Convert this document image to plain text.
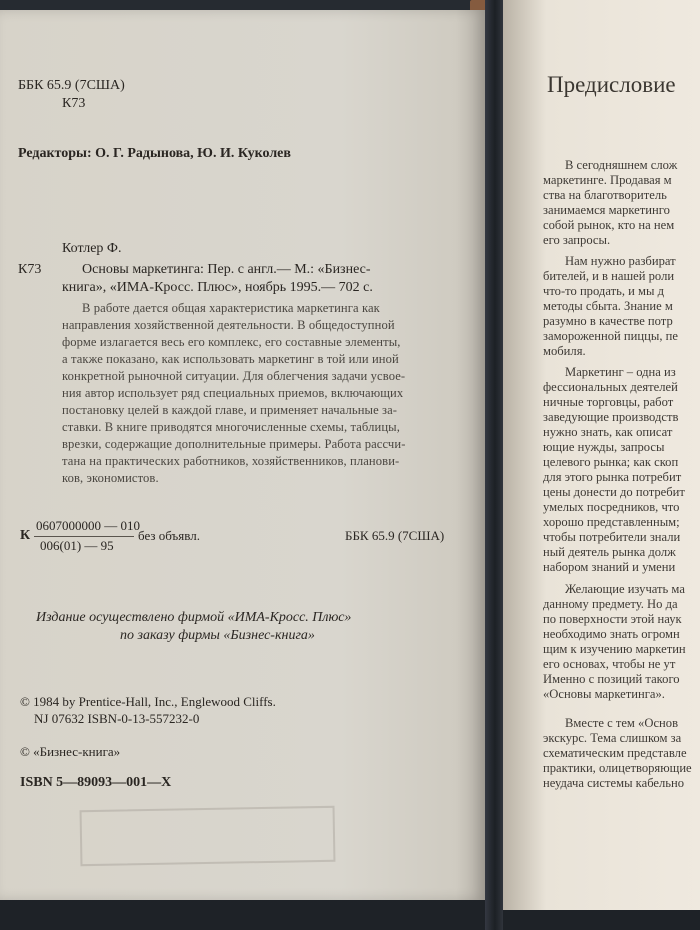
ББК 65.9 (7США)
К73
Редакторы: О. Г. Радынова, Ю. И. Куколев
Котлер Ф.
К73	Основы маркетинга: Пер. с англ.— М.: «Бизнес-
книга», «ИМА-Кросс. Плюс», ноябрь 1995.— 702 с.
В работе дается общая характеристика маркетинга как
направления хозяйственной деятельности. В общедоступной
форме излагается весь его комплекс, его составные элементы,
а также показано, как использовать маркетинг в той или иной
конкретной рыночной ситуации. Для облегчения задачи усвое-
ния автор использует ряд специальных приемов, включающих
постановку целей в каждой главе, и применяет начальные за-
ставки. В книге приводятся многочисленные схемы, таблицы,
врезки, содержащие дополнительные примеры. Работа рассчи-
тана на практических работников, хозяйственников, планови-
ков, экономистов.
К
0607000000 — 010
006(01) — 95
без объявл.	ББК 65.9 (7США)
Издание осуществлено фирмой «ИМА-Кросс. Плюс»
по заказу фирмы «Бизнес-книга»
© 1984 by Prentice-Hall, Inc., Englewood Cliffs.
NJ 07632 ISBN-0-13-557232-0
© «Бизнес-книга»
ISBN 5—89093—001—X
Предисловие
В сегодняшнем слож
маркетинге. Продавая м
ства на благотворитель
занимаемся маркетинго
собой рынок, кто на нем
его запросы.
Нам нужно разбират
бителей, и в нашей роли
что-то продать, и мы д
методы сбыта. Знание м
разумно в качестве потр
замороженной пиццы, пе
мобиля.
Маркетинг – одна из
фессиональных деятелей
ничные торговцы, работ
заведующие производств
нужно знать, как описат
ющие нужды, запросы
целевого рынка; как скоп
для этого рынка потребит
цены донести до потребит
умелых посредников, что
хорошо представленным;
чтобы потребители знали
ный деятель рынка долж
набором знаний и умени
Желающие изучать ма
данному предмету. Но да
по поверхности этой наук
необходимо знать огромн
щим к изучению маркетин
его основах, чтобы не ут
Именно с позиций такого
«Основы маркетинга».
Вместе с тем «Основ
экскурс. Тема слишком за
схематическим представле
практики, олицетворяющие
неудача системы кабельно
